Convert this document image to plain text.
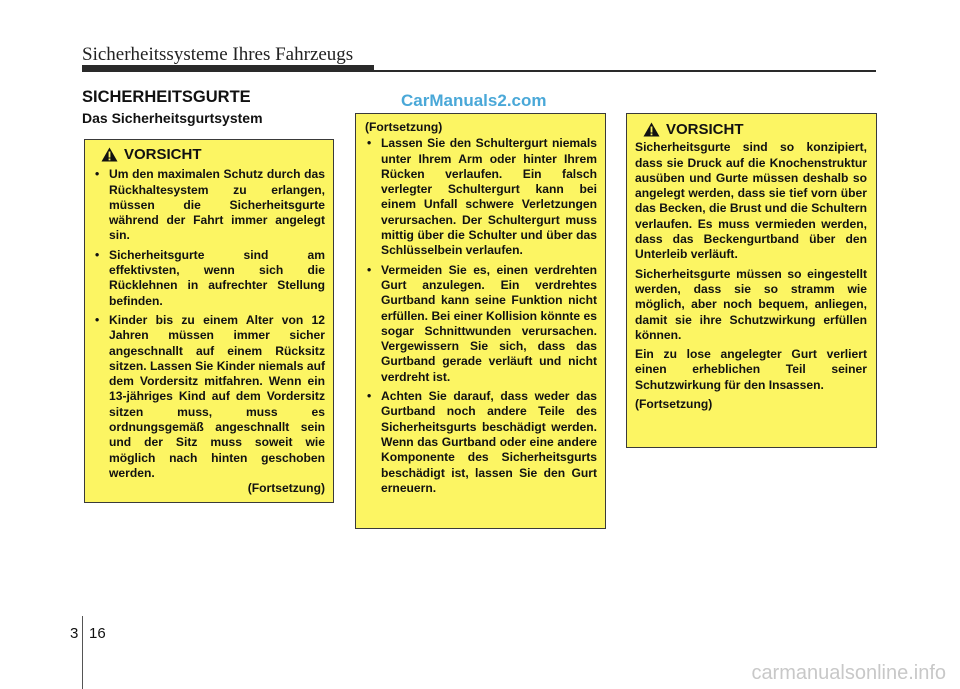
Sicherheitssysteme Ihres Fahrzeugs
SICHERHEITSGURTE
Das Sicherheitsgurtsystem
CarManuals2.com
VORSICHT
• Um den maximalen Schutz durch das Rückhaltesystem zu erlangen, müssen die Sicherheitsgurte während der Fahrt immer angelegt sin.
• Sicherheitsgurte sind am effektivsten, wenn sich die Rücklehnen in aufrechter Stellung befinden.
• Kinder bis zu einem Alter von 12 Jahren müssen immer sicher angeschnallt auf einem Rücksitz sitzen. Lassen Sie Kinder niemals auf dem Vordersitz mitfahren. Wenn ein 13-jähriges Kind auf dem Vordersitz sitzen muss, muss es ordnungsgemäß angeschnallt sein und der Sitz muss soweit wie möglich nach hinten geschoben werden.
(Fortsetzung)
(Fortsetzung)
• Lassen Sie den Schultergurt niemals unter Ihrem Arm oder hinter Ihrem Rücken verlaufen. Ein falsch verlegter Schultergurt kann bei einem Unfall schwere Verletzungen verursachen. Der Schultergurt muss mittig über die Schulter und über das Schlüsselbein verlaufen.
• Vermeiden Sie es, einen verdrehten Gurt anzulegen. Ein verdrehtes Gurtband kann seine Funktion nicht erfüllen. Bei einer Kollision könnte es sogar Schnittwunden verursachen. Vergewissern Sie sich, dass das Gurtband gerade verläuft und nicht verdreht ist.
• Achten Sie darauf, dass weder das Gurtband noch andere Teile des Sicherheitsgurts beschädigt werden. Wenn das Gurtband oder eine andere Komponente des Sicherheitsgurts beschädigt ist, lassen Sie den Gurt erneuern.
VORSICHT

Sicherheitsgurte sind so konzipiert, dass sie Druck auf die Knochenstruktur ausüben und Gurte müssen deshalb so angelegt werden, dass sie tief vorn über das Becken, die Brust und die Schultern verlaufen. Es muss vermieden werden, dass das Beckengurtband über den Unterleib verläuft.

Sicherheitsgurte müssen so eingestellt werden, dass sie so stramm wie möglich, aber noch bequem, anliegen, damit sie ihre Schutzwirkung erfüllen können.

Ein zu lose angelegter Gurt verliert einen erheblichen Teil seiner Schutzwirkung für den Insassen.

(Fortsetzung)

3 16
carmanualsonline.info
